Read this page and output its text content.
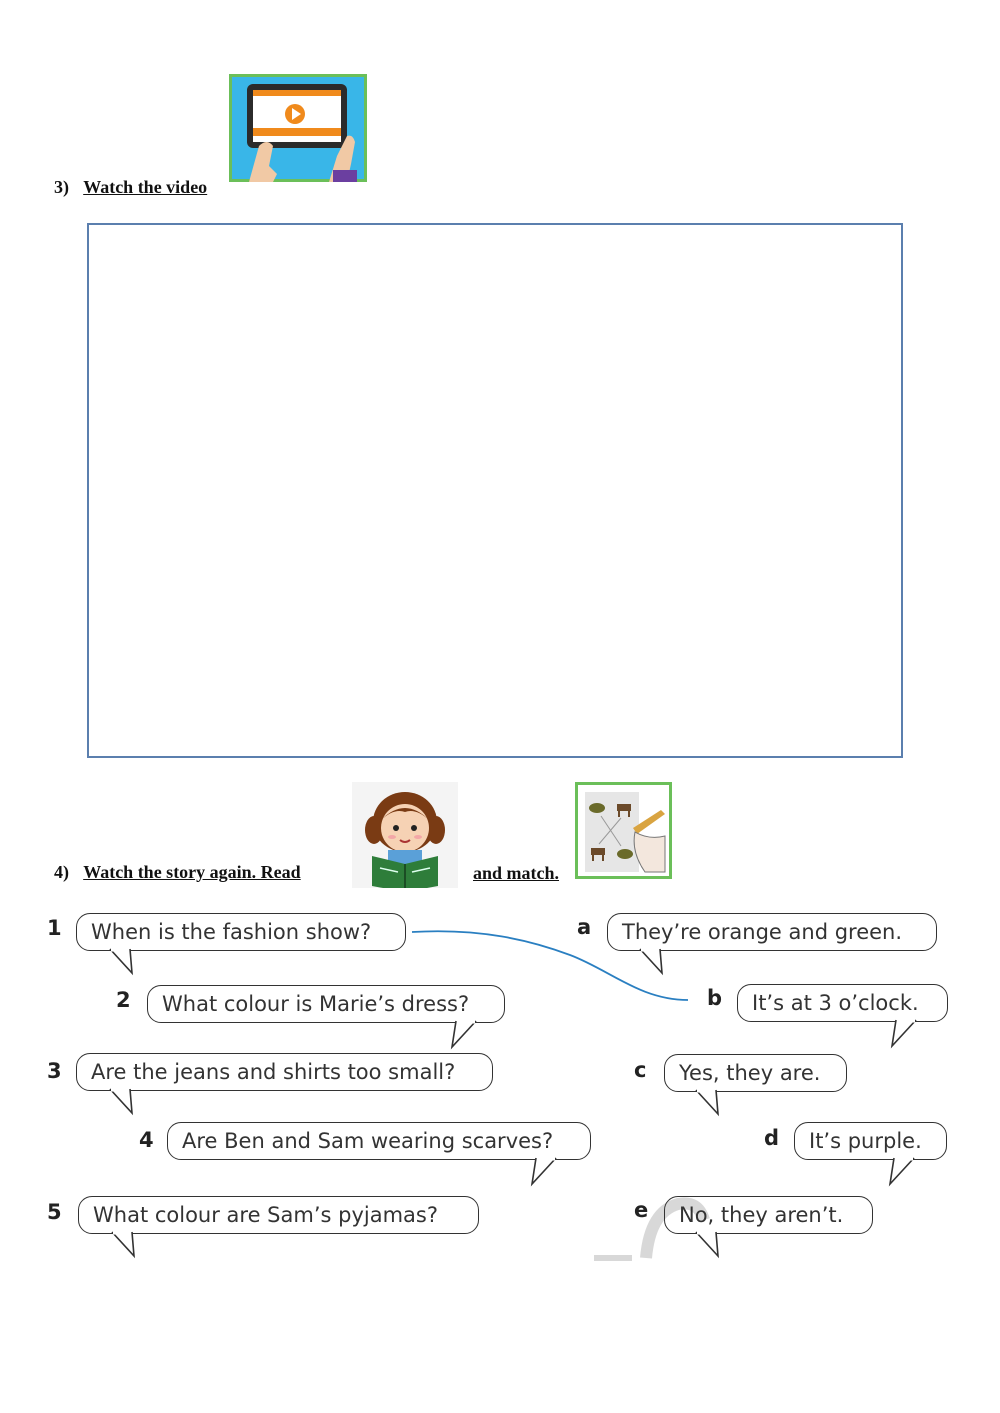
3) Watch the video
4) Watch the story again. Read	and match.
1 When is the fashion show?
2 What colour is Marie’s dress?
3 Are the jeans and shirts too small?
4 Are Ben and Sam wearing scarves?
5 What colour are Sam’s pyjamas?
a They’re orange and green.
b It’s at 3 o’clock.
c Yes, they are.
d It’s purple.
e No, they aren’t.
